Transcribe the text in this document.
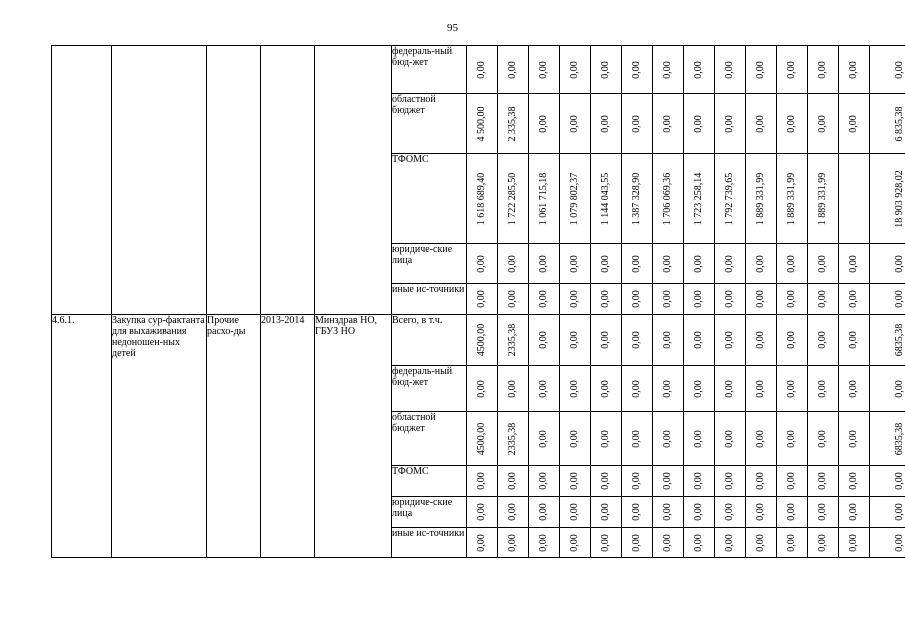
95
					федераль-ный бюд-жет	0,00	0,00	0,00	0,00	0,00	0,00	0,00	0,00	0,00	0,00	0,00	0,00	0,00	0,00

					областной бюджет	4 500,00	2 335,38	0,00	0,00	0,00	0,00	0,00	0,00	0,00	0,00	0,00	0,00	0,00	6 835,38

					ТФОМС	1 618 689,40	1 722 285,50	1 061 715,18	1 079 802,37	1 144 043,55	1 387 328,90	1 706 069,36	1 723 258,14	1 792 739,65	1 889 331,99	1 889 331,99	1 889 331,99		18 903 928,02

					юридиче-ские лица	0,00	0,00	0,00	0,00	0,00	0,00	0,00	0,00	0,00	0,00	0,00	0,00	0,00	0,00

					иные ис-точники	0,00	0,00	0,00	0,00	0,00	0,00	0,00	0,00	0,00	0,00	0,00	0,00	0,00	0,00

4.6.1.	Закупка сур-фактанта для выхаживания недоношен-ных детей	Прочие расхо-ды	2013-2014	Минздрав НО, ГБУЗ НО	Всего, в т.ч.	4500,00	2335,38	0,00	0,00	0,00	0,00	0,00	0,00	0,00	0,00	0,00	0,00	0,00	6835,38

					федераль-ный бюд-жет	0,00	0,00	0,00	0,00	0,00	0,00	0,00	0,00	0,00	0,00	0,00	0,00	0,00	0,00

					областной бюджет	4500,00	2335,38	0,00	0,00	0,00	0,00	0,00	0,00	0,00	0,00	0,00	0,00	0,00	6835,38

					ТФОМС	0,00	0,00	0,00	0,00	0,00	0,00	0,00	0,00	0,00	0,00	0,00	0,00	0,00	0,00

					юридиче-ские лица	0,00	0,00	0,00	0,00	0,00	0,00	0,00	0,00	0,00	0,00	0,00	0,00	0,00	0,00

					иные ис-точники	0,00	0,00	0,00	0,00	0,00	0,00	0,00	0,00	0,00	0,00	0,00	0,00	0,00	0,00
